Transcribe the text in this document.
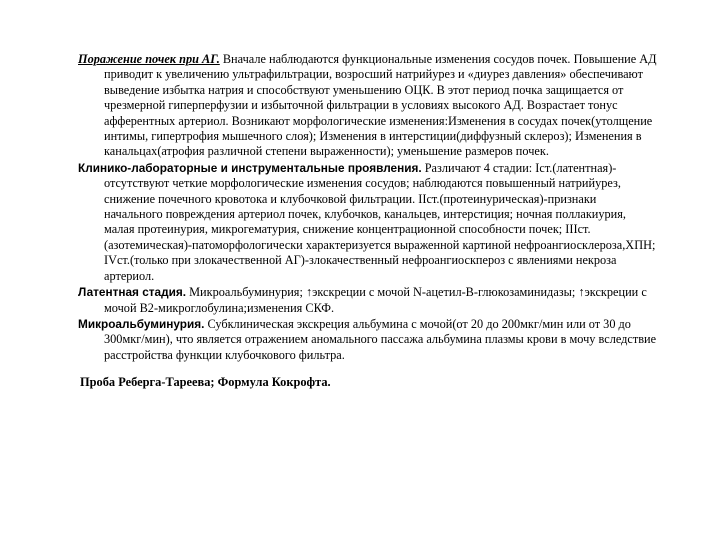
Поражение почек при АГ. Вначале наблюдаются функциональные изменения сосудов почек. Повышение АД приводит к увеличению ультрафильтрации, возросший натрийурез и «диурез давления» обеспечивают выведение избытка натрия и способствуют уменьшению ОЦК. В этот период почка защищается от чрезмерной гиперперфузии и избыточной фильтрации в условиях высокого АД. Возрастает тонус афферентных артериол. Возникают морфологические изменения:Изменения в сосудах почек(утолщение интимы, гипертрофия мышечного слоя); Изменения в интерстиции(диффузный склероз); Изменения в канальцах(атрофия различной степени выраженности); уменьшение размеров почек.

Клинико-лабораторные и инструментальные проявления. Различают 4 стадии: Iст.(латентная)-отсутствуют четкие морфологические изменения сосудов; наблюдаются повышенный натрийурез, снижение почечного кровотока и клубочковой фильтрации. IIст.(протеинурическая)-признаки начального повреждения артериол почек, клубочков, канальцев, интерстиция; ночная поллакиурия, малая протеинурия, микрогематурия, снижение концентрационной способности почек; IIIст.(азотемическая)-патоморфологически характеризуется выраженной картиной нефроангиосклероза,ХПН; IVст.(только при злокачественной АГ)-злокачественный нефроангиоскпероз с явлениями некроза артериол.

Латентная стадия. Микроальбуминурия; ↑экскреции с мочой N-ацетил-В-глюкозаминидазы; ↑экскреции с мочой В2-микроглобулина;изменения СКФ.

Микроальбуминурия. Субклиническая экскреция альбумина с мочой(от 20 до 200мкг/мин или от 30 до 300мкг/мин), что является отражением аномального пассажа альбумина плазмы крови в мочу вследствие расстройства функции клубочкового фильтра.

Проба Реберга-Тареева; Формула Кокрофта.
